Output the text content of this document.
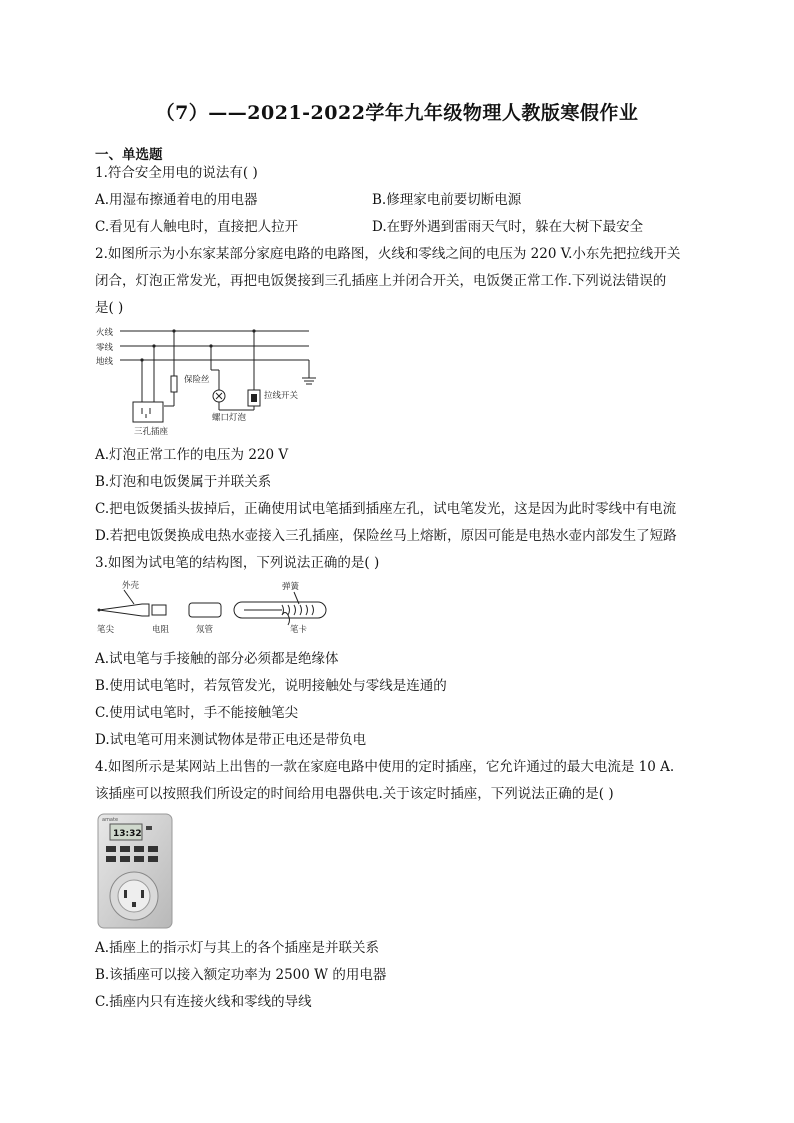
（7）——2021-2022学年九年级物理人教版寒假作业
一、单选题
1.符合安全用电的说法有( )
A.用湿布擦通着电的用电器	B.修理家电前要切断电源
C.看见有人触电时，直接把人拉开	D.在野外遇到雷雨天气时，躲在大树下最安全
2.如图所示为小东家某部分家庭电路的电路图，火线和零线之间的电压为 220 V.小东先把拉线开关
闭合，灯泡正常发光，再把电饭煲接到三孔插座上并闭合开关，电饭煲正常工作.下列说法错误的
是( )
火线
零线
地线
保险丝
三孔插座
螺口灯泡
拉线开关
A.灯泡正常工作的电压为 220 V
B.灯泡和电饭煲属于并联关系
C.把电饭煲插头拔掉后，正确使用试电笔插到插座左孔，试电笔发光，这是因为此时零线中有电流
D.若把电饭煲换成电热水壶接入三孔插座，保险丝马上熔断，原因可能是电热水壶内部发生了短路
3.如图为试电笔的结构图，下列说法正确的是( )
外壳	弹簧
笔尖	电阻	氖管	笔卡
A.试电笔与手接触的部分必须都是绝缘体
B.使用试电笔时，若氖管发光，说明接触处与零线是连通的
C.使用试电笔时，手不能接触笔尖
D.试电笔可用来测试物体是带正电还是带负电
4.如图所示是某网站上出售的一款在家庭电路中使用的定时插座，它允许通过的最大电流是 10 A.
该插座可以按照我们所设定的时间给用电器供电.关于该定时插座，下列说法正确的是( )
amate
13:32
A.插座上的指示灯与其上的各个插座是并联关系
B.该插座可以接入额定功率为 2500 W 的用电器
C.插座内只有连接火线和零线的导线
